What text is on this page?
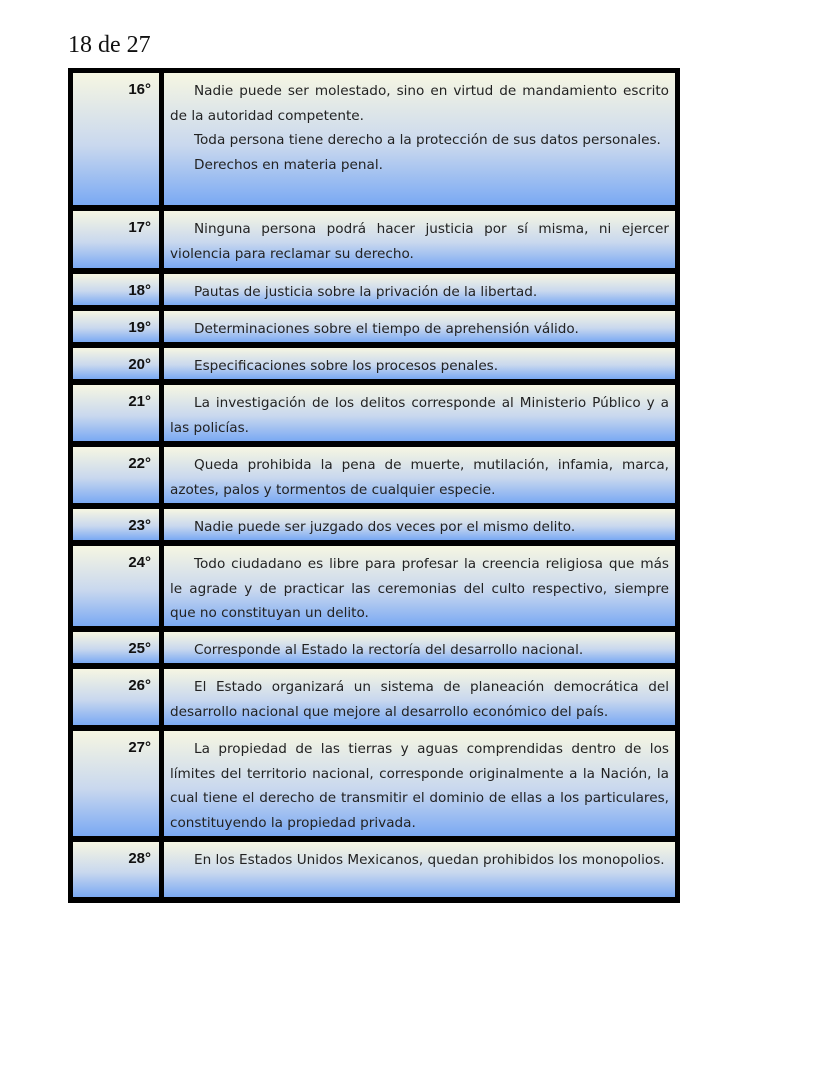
18 de 27
16°	Nadie puede ser molestado, sino en virtud de mandamiento escrito de la autoridad competente.

Toda persona tiene derecho a la protección de sus datos personales.

Derechos en materia penal.

17°	Ninguna persona podrá hacer justicia por sí misma, ni ejercer violencia para reclamar su derecho.

18°	Pautas de justicia sobre la privación de la libertad.

19°	Determinaciones sobre el tiempo de aprehensión válido.

20°	Especificaciones sobre los procesos penales.

21°	La investigación de los delitos corresponde al Ministerio Público y a las policías.

22°	Queda prohibida la pena de muerte, mutilación, infamia, marca, azotes, palos y tormentos de cualquier especie.

23°	Nadie puede ser juzgado dos veces por el mismo delito.

24°	Todo ciudadano es libre para profesar la creencia religiosa que más le agrade y de practicar las ceremonias del culto respectivo, siempre que no constituyan un delito.

25°	Corresponde al Estado la rectoría del desarrollo nacional.

26°	El Estado organizará un sistema de planeación democrática del desarrollo nacional que mejore al desarrollo económico del país.

27°	La propiedad de las tierras y aguas comprendidas dentro de los límites del territorio nacional, corresponde originalmente a la Nación, la cual tiene el derecho de transmitir el dominio de ellas a los particulares, constituyendo la propiedad privada.

28°	En los Estados Unidos Mexicanos, quedan prohibidos los monopolios.
